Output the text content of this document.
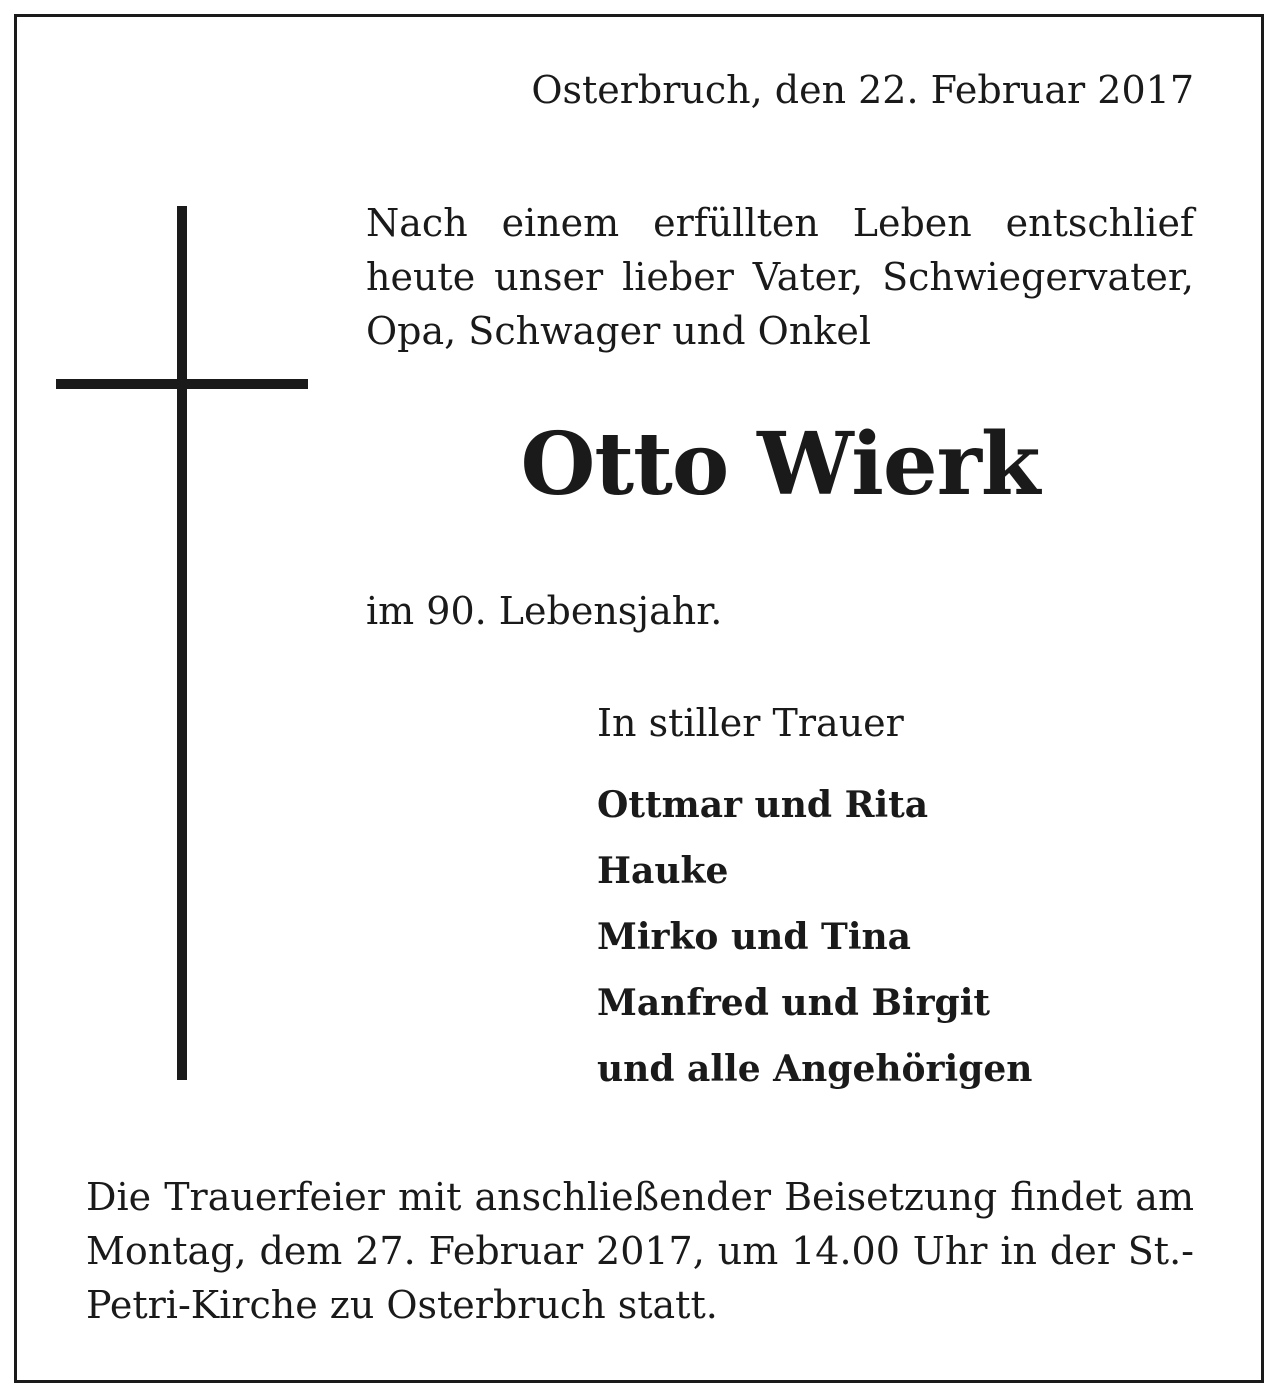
Osterbruch, den 22. Februar 2017
Nach einem erfüllten Leben entschlief heute unser lieber Vater, Schwiegervater, Opa, Schwager und Onkel
Otto Wierk
im 90. Lebensjahr.
In stiller Trauer
Ottmar und Rita
Hauke
Mirko und Tina
Manfred und Birgit
und alle Angehörigen
Die Trauerfeier mit anschließender Beisetzung findet am Montag, dem 27. Februar 2017, um 14.00 Uhr in der St.-Petri-Kirche zu Osterbruch statt.
